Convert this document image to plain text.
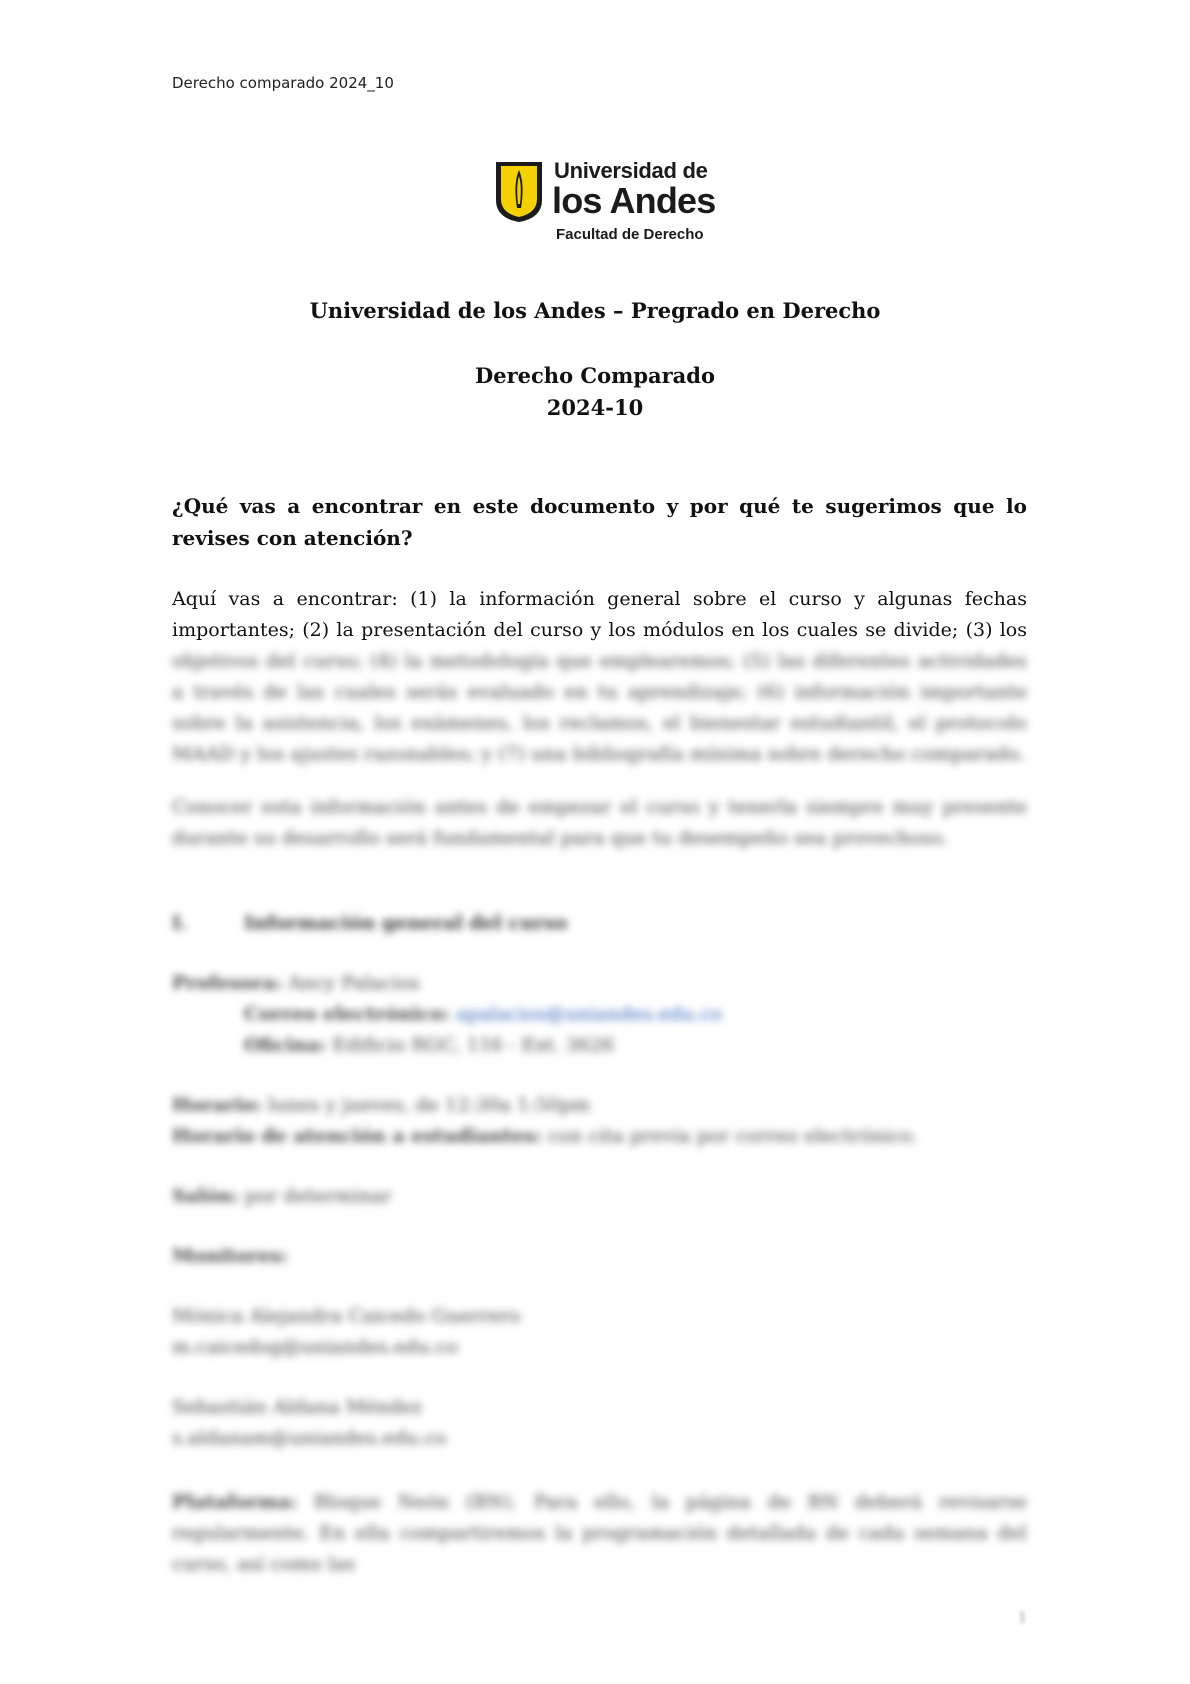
Derecho comparado 2024_10
Universidad de
los Andes
Facultad de Derecho
Universidad de los Andes – Pregrado en Derecho
Derecho Comparado
2024-10
¿Qué vas a encontrar en este documento y por qué te sugerimos que lo revises con atención?
Aquí vas a encontrar: (1) la información general sobre el curso y algunas fechas
importantes; (2) la presentación del curso y los módulos en los cuales se divide; (3) los
objetivos del curso; (4) la metodología que emplearemos; (5) las diferentes actividades a través de las cuales serás evaluado en tu aprendizaje; (6) información importante sobre la asistencia, los exámenes, los reclamos, el bienestar estudiantil, el protocolo MAAD y los ajustes razonables; y (7) una bibliografía mínima sobre derecho comparado.
Conocer esta información antes de empezar el curso y tenerla siempre muy presente durante su desarrollo será fundamental para que tu desempeño sea provechoso.
I.	Información general del curso
Profesora: Ancy Palacios
Correo electrónico: apalacios@uniandes.edu.co
Oficina: Edificio RGC, 116 - Ext. 3626
Horario: lunes y jueves, de 12:30a 1:50pm
Horario de atención a estudiantes: con cita previa por correo electrónico.
Salón: por determinar
Monitores:
Mónica Alejandra Caicedo Guerrero
m.caicedog@uniandes.edu.co
Sebastián Aldana Méndez
s.aldanam@uniandes.edu.co
Plataforma: Bloque Neón (BN). Para ello, la página de BN deberá revisarse regularmente. En ella compartiremos la programación detallada de cada semana del curso, así como las
1
